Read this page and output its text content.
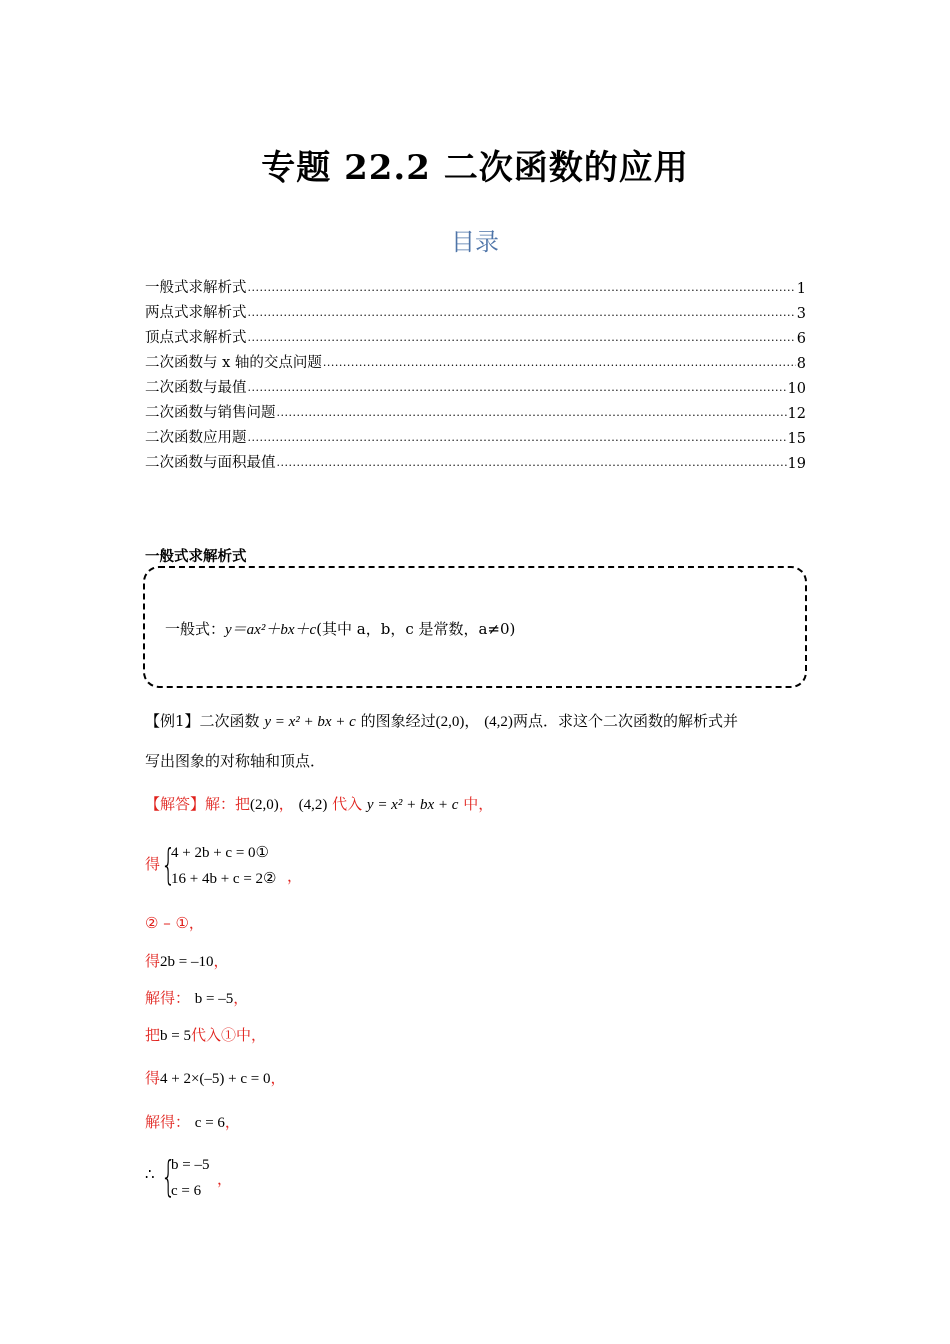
专题 22.2 二次函数的应用
目录
一般式求解析式 .....	1
两点式求解析式 .....	3
顶点式求解析式 .....	6
二次函数与 x 轴的交点问题 .....	8
二次函数与最值 .....	10
二次函数与销售问题 .....	12
二次函数应用题 .....	15
二次函数与面积最值 .....	19
一般式求解析式
一般式：y＝ax²＋bx＋c(其中 a，b，c 是常数，a≠0)
【例1】二次函数 y = x² + bx + c 的图象经过(2,0)， (4,2)两点．求这个二次函数的解析式并
写出图象的对称轴和顶点．
【解答】解：把(2,0)， (4,2) 代入 y = x² + bx + c 中，
得 {
4 + 2b + c = 0①
16 + 4b + c = 2② ，
② – ①，
得2b = –10，
解得： b = –5，
把b = 5代入①中，
得4 + 2×(–5) + c = 0，
解得： c = 6，
∴ {
b = –5
c = 6
，
